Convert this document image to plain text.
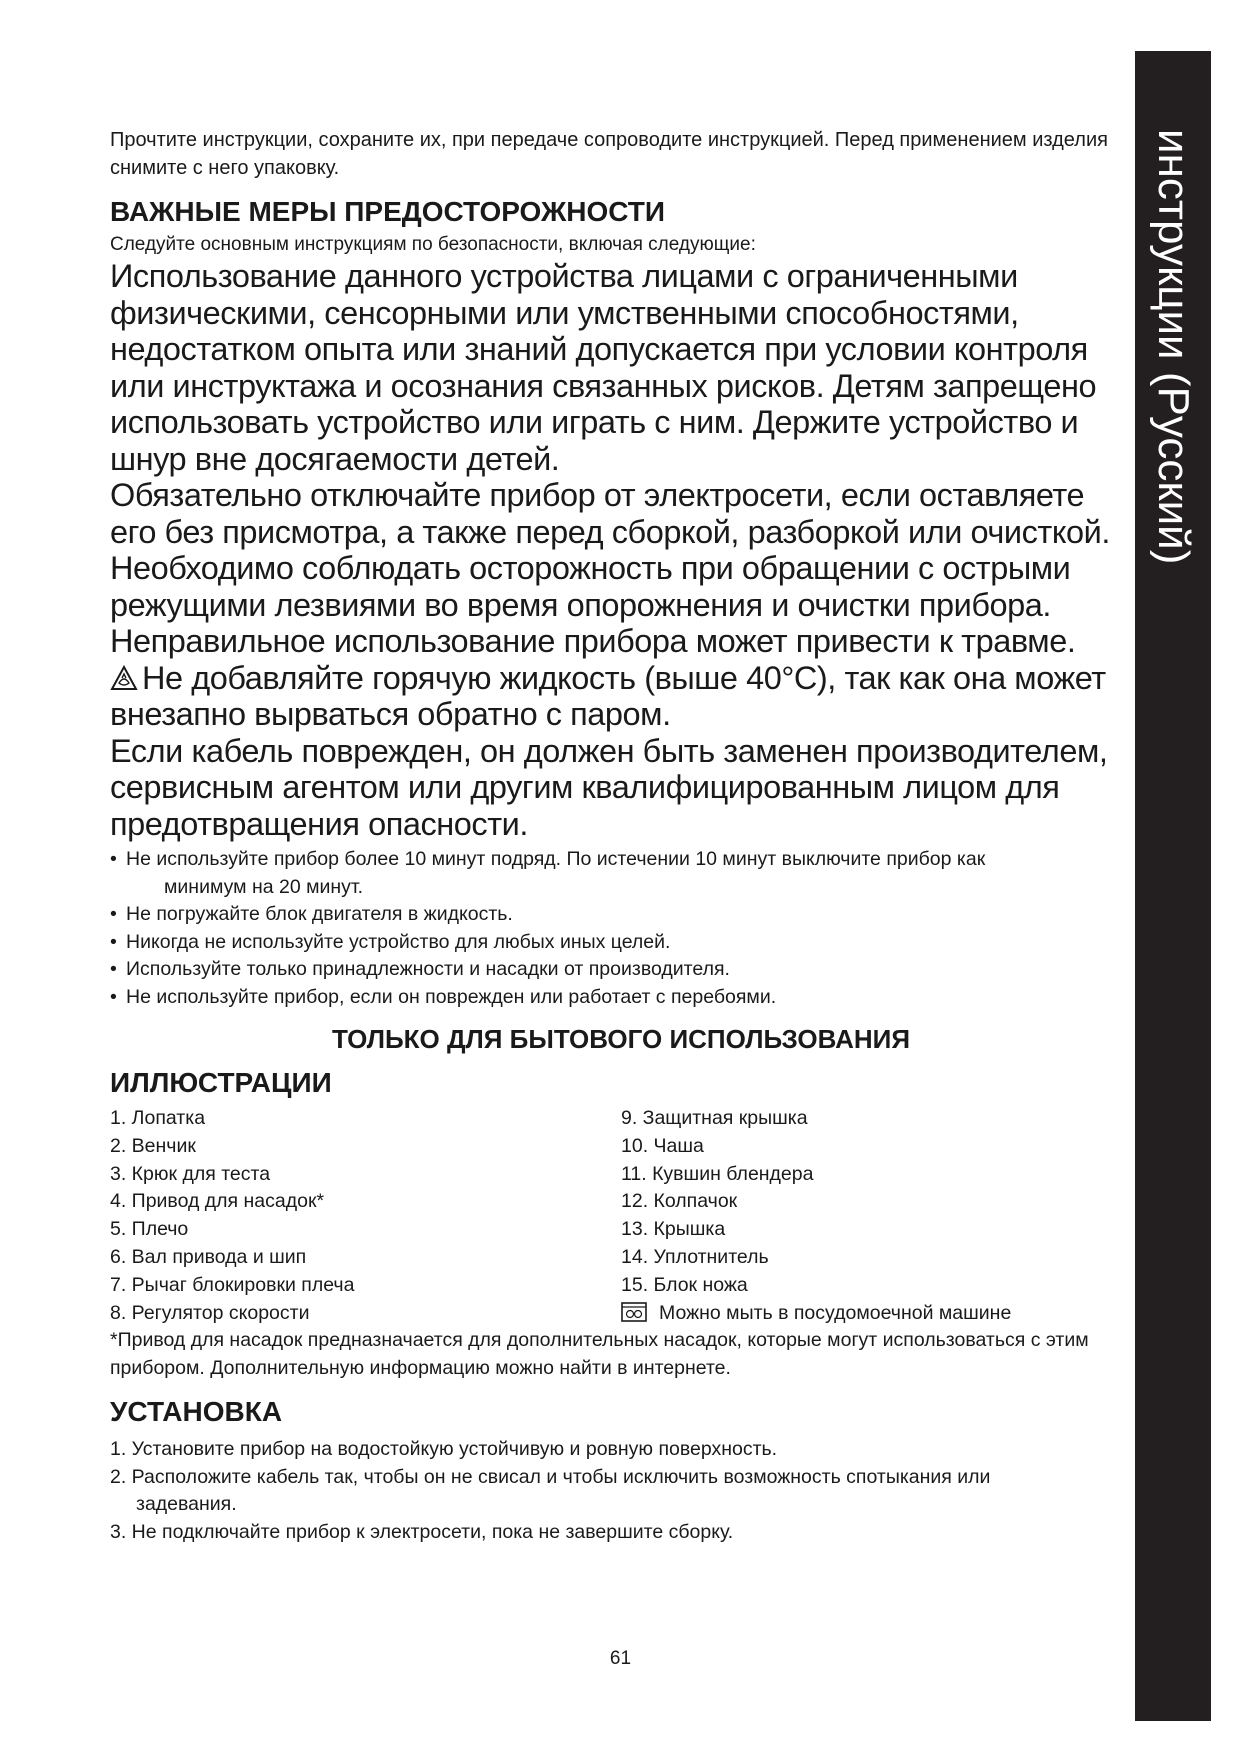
инструкции (Русский)

Прочтите инструкции, сохраните их, при передаче сопроводите инструкцией. Перед применением изделия снимите с него упаковку.

ВАЖНЫЕ МЕРЫ ПРЕДОСТОРОЖНОСТИ

Следуйте основным инструкциям по безопасности, включая следующие:

Использование данного устройства лицами с ограниченными физическими, сенсорными или умственными способностями, недостатком опыта или знаний допускается при условии контроля или инструктажа и осознания связанных рисков. Детям запрещено использовать устройство или играть с ним. Держите устройство и шнур вне досягаемости детей.

Обязательно отключайте прибор от электросети, если оставляете его без присмотра, а также перед сборкой, разборкой или очисткой.

Необходимо соблюдать осторожность при обращении с острыми режущими лезвиями во время опорожнения и очистки прибора.

Неправильное использование прибора может привести к травме.

Не добавляйте горячую жидкость (выше 40°C), так как она может внезапно вырваться обратно с паром.

Если кабель поврежден, он должен быть заменен производителем, сервисным агентом или другим квалифицированным лицом для предотвращения опасности.

• Не используйте прибор более 10 минут подряд. По истечении 10 минут выключите прибор как
минимум на 20 минут.
• Не погружайте блок двигателя в жидкость.
• Никогда не используйте устройство для любых иных целей.
• Используйте только принадлежности и насадки от производителя.
• Не используйте прибор, если он поврежден или работает с перебоями.
ТОЛЬКО ДЛЯ БЫТОВОГО ИСПОЛЬЗОВАНИЯ
ИЛЛЮСТРАЦИИ
1. Лопатка
2. Венчик
3. Крюк для теста
4. Привод для насадок*
5. Плечо
6. Вал привода и шип
7. Рычаг блокировки плеча
8. Регулятор скорости
9. Защитная крышка
10. Чаша
11. Кувшин блендера
12. Колпачок
13. Крышка
14. Уплотнитель
15. Блок ножа
Можно мыть в посудомоечной машине

*Привод для насадок предназначается для дополнительных насадок, которые могут использоваться с этим прибором. Дополнительную информацию можно найти в интернете.

УСТАНОВКА
1. Установите прибор на водостойкую устойчивую и ровную поверхность.
2. Расположите кабель так, чтобы он не свисал и чтобы исключить возможность спотыкания или
задевания.
3. Не подключайте прибор к электросети, пока не завершите сборку.
61
